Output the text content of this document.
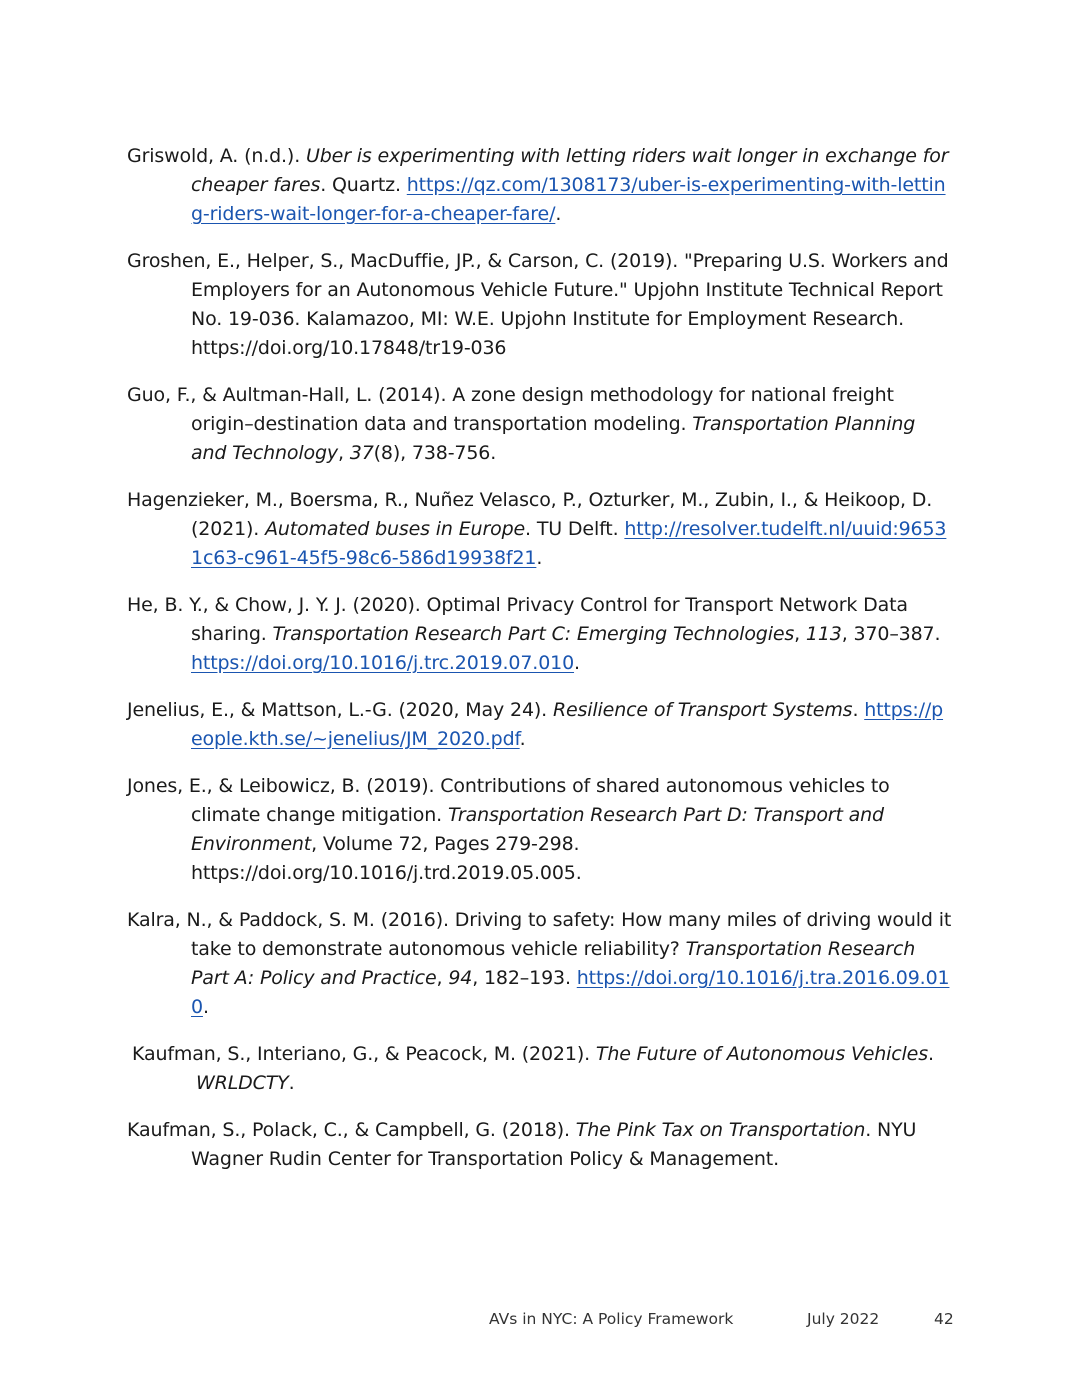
Griswold, A. (n.d.). Uber is experimenting with letting riders wait longer in exchange for cheaper fares. Quartz. https://qz.com/1308173/uber-is-experimenting-with-letting-riders-wait-longer-for-a-cheaper-fare/.

Groshen, E., Helper, S., MacDuffie, JP., & Carson, C. (2019). "Preparing U.S. Workers and Employers for an Autonomous Vehicle Future." Upjohn Institute Technical Report No. 19-036. Kalamazoo, MI: W.E. Upjohn Institute for Employment Research. https://doi.org/10.17848/tr19-036

Guo, F., & Aultman-Hall, L. (2014). A zone design methodology for national freight origin–destination data and transportation modeling. Transportation Planning and Technology, 37(8), 738-756.

Hagenzieker, M., Boersma, R., Nuñez Velasco, P., Ozturker, M., Zubin, I., & Heikoop, D. (2021). Automated buses in Europe. TU Delft. http://resolver.tudelft.nl/uuid:96531c63-c961-45f5-98c6-586d19938f21.

He, B. Y., & Chow, J. Y. J. (2020). Optimal Privacy Control for Transport Network Data sharing. Transportation Research Part C: Emerging Technologies, 113, 370–387. https://doi.org/10.1016/j.trc.2019.07.010.

Jenelius, E., & Mattson, L.-G. (2020, May 24). Resilience of Transport Systems. https://people.kth.se/~jenelius/JM_2020.pdf.

Jones, E., & Leibowicz, B. (2019). Contributions of shared autonomous vehicles to climate change mitigation. Transportation Research Part D: Transport and Environment, Volume 72, Pages 279-298. https://doi.org/10.1016/j.trd.2019.05.005.

Kalra, N., & Paddock, S. M. (2016). Driving to safety: How many miles of driving would it take to demonstrate autonomous vehicle reliability? Transportation Research Part A: Policy and Practice, 94, 182–193. https://doi.org/10.1016/j.tra.2016.09.010.

Kaufman, S., Interiano, G., & Peacock, M. (2021). The Future of Autonomous Vehicles. WRLDCTY.

Kaufman, S., Polack, C., & Campbell, G. (2018). The Pink Tax on Transportation. NYU Wagner Rudin Center for Transportation Policy & Management.

AVs in NYC: A Policy Framework	July 2022	42
